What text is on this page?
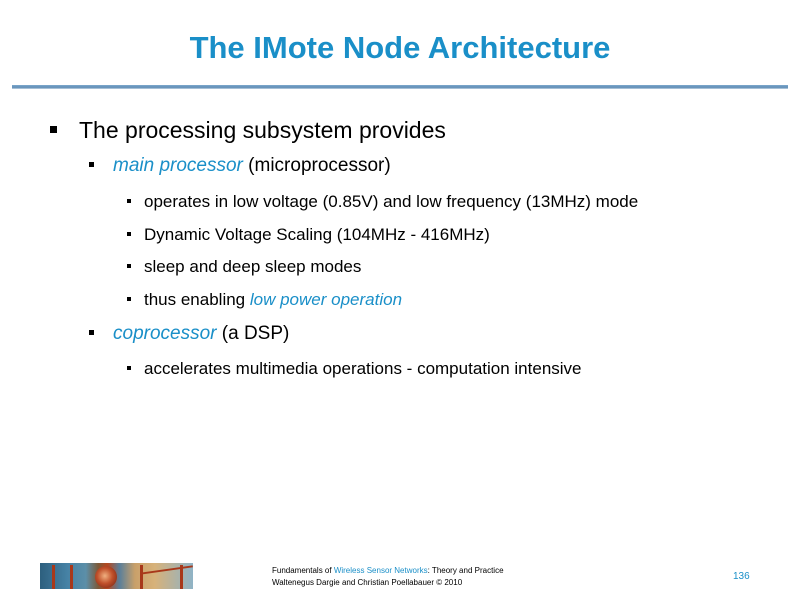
The IMote Node Architecture
The processing subsystem provides
main processor (microprocessor)
operates in low voltage (0.85V) and low frequency (13MHz) mode
Dynamic Voltage Scaling (104MHz - 416MHz)
sleep and deep sleep modes
thus enabling low power operation
coprocessor (a DSP)
accelerates multimedia operations - computation intensive
Fundamentals of Wireless Sensor Networks: Theory and Practice
Waltenegus Dargie and Christian Poellabauer © 2010
136
